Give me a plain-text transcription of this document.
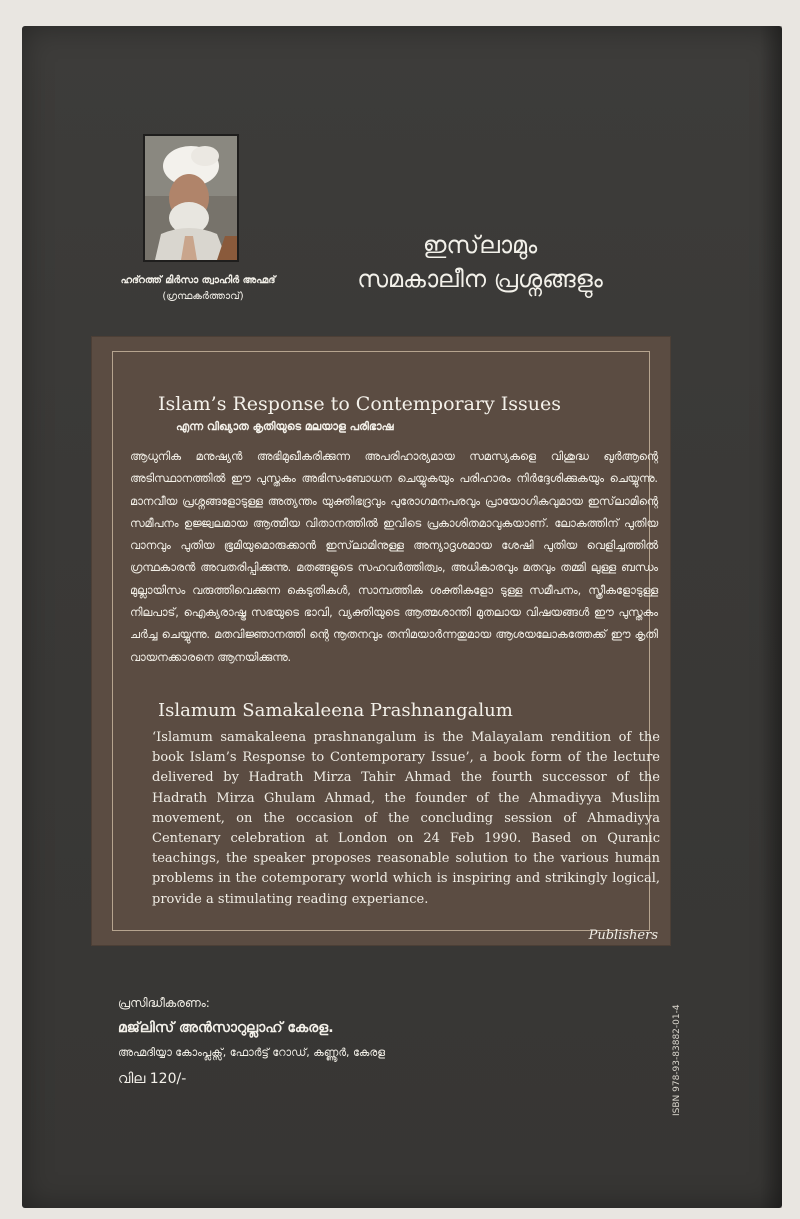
ഹദ്റത്ത് മിർസാ ത്വാഹിർ അഹ്മദ്
(ഗ്രന്ഥകർത്താവ്)
ഇസ്‌ലാമും
സമകാലീന പ്രശ്നങ്ങളും
Islam’s Response to Contemporary Issues
എന്ന വിഖ്യാത കൃതിയുടെ മലയാള പരിഭാഷ
ആധുനിക മനുഷ്യൻ അഭിമുഖീകരിക്കുന്ന അപരിഹാര്യമായ സമസ്യകളെ വിശുദ്ധ ഖുർആന്റെ അടിസ്ഥാനത്തിൽ ഈ പുസ്തകം അഭിസംബോധന ചെയ്യുകയും പരിഹാരം നിർദ്ദേശിക്കുകയും ചെയ്യുന്നു. മാനവീയ പ്രശ്നങ്ങളോടുള്ള അത്യന്തം യുക്തിഭദ്രവും പുരോഗമനപരവും പ്രായോഗികവുമായ ഇസ്‌ലാമിന്റെ സമീപനം ഉജ്ജ്വലമായ ആത്മീയ വിതാനത്തിൽ ഇവിടെ പ്രകാശിതമാവുകയാണ്. ലോകത്തിന് പുതിയ വാനവും പുതിയ ഭൂമിയുമൊരുക്കാൻ ഇസ്‌ലാമിനുള്ള അന്യാദൃശമായ ശേഷി പുതിയ വെളിച്ചത്തിൽ ഗ്രന്ഥകാരൻ അവതരിപ്പിക്കുന്നു. മതങ്ങളുടെ സഹവർത്തിത്വം, അധികാരവും മതവും തമ്മി ലുള്ള ബന്ധം മുല്ലായിസം വരുത്തിവെക്കുന്ന കെടുതികൾ, സാമ്പത്തിക ശക്തികളോ ടുള്ള സമീപനം, സ്ത്രീകളോടുള്ള നിലപാട്, ഐക്യരാഷ്ട്ര സഭയുടെ ഭാവി, വ്യക്തിയുടെ ആത്മശാന്തി മുതലായ വിഷയങ്ങൾ ഈ പുസ്തകം ചർച്ച ചെയ്യുന്നു. മതവിജ്ഞാനത്തി ന്റെ നൂതനവും തനിമയാർന്നതുമായ ആശയലോകത്തേക്ക് ഈ കൃതി വായനക്കാരനെ ആനയിക്കുന്നു.
Islamum Samakaleena Prashnangalum
‘Islamum samakaleena prashnangalum is the Malayalam rendition of the book Islam’s Response to Contemporary Issue’, a book form of the lecture delivered by Hadrath Mirza Tahir Ahmad the fourth successor of the Hadrath Mirza Ghulam Ahmad, the founder of the Ahmadiyya Muslim movement, on the occasion of the concluding session of Ahmadiyya Centenary celebration at London on 24 Feb 1990. Based on Quranic teachings, the speaker proposes reasonable solution to the various human problems in the cotemporary world which is inspiring and strikingly logical, provide a stimulating reading experiance.
Publishers
പ്രസിദ്ധീകരണം:
മജ്‌ലിസ് അൻസാറുല്ലാഹ് കേരള.
അഹ്മദിയ്യാ കോംപ്ലക്സ്, ഫോർട്ട് റോഡ്, കണ്ണൂർ, കേരള
വില 120/-	ISBN 978-93-83882-01-4
